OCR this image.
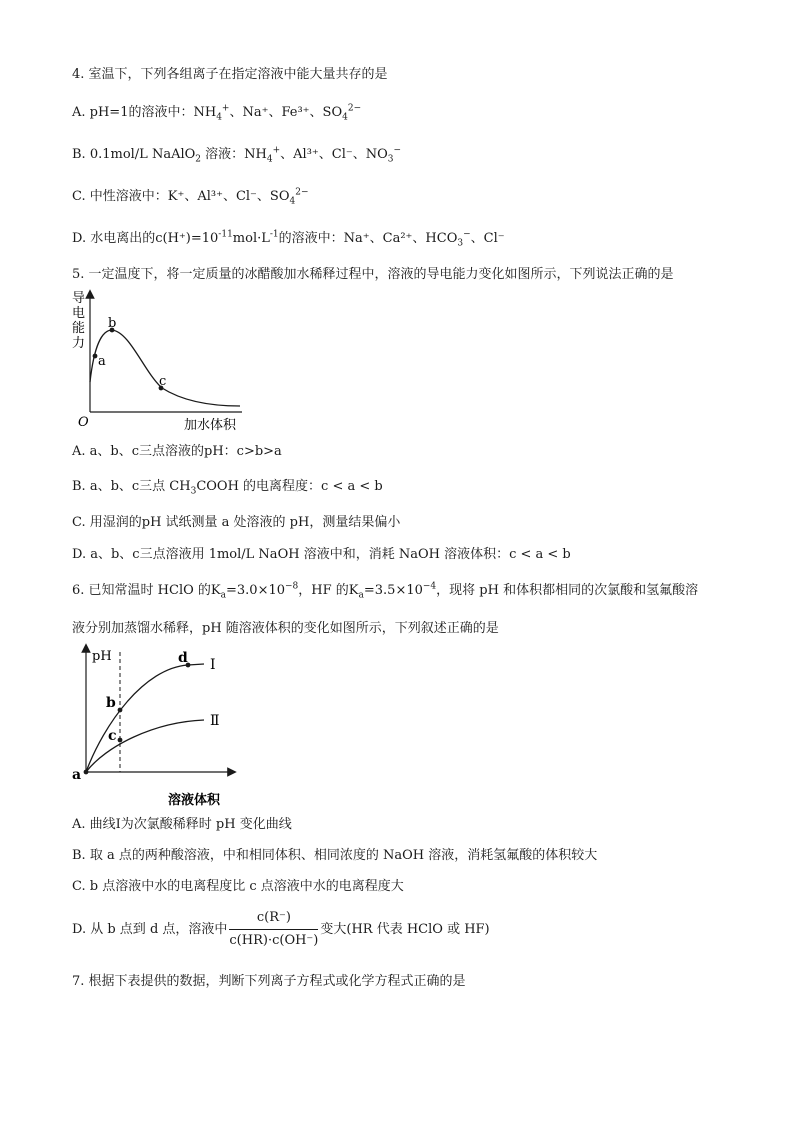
4. 室温下，下列各组离子在指定溶液中能大量共存的是
A. pH=1的溶液中：$NH_4^+$、Na⁺、Fe³⁺、$SO_4^{2-}$
B. 0.1mol/L NaAlO$_2$ 溶液：$NH_4^+$、Al³⁺、Cl⁻、$NO_3^-$
C. 中性溶液中：K⁺、Al³⁺、Cl⁻、$SO_4^{2-}$
D. 水电离出的$c(H^+)=10^{-11}mol\cdot L^{-1}$的溶液中：Na⁺、Ca²⁺、$HCO_3^-$、Cl⁻
5. 一定温度下，将一定质量的冰醋酸加水稀释过程中，溶液的导电能力变化如图所示，下列说法正确的是
导
电
能
力
O	加水体积
a
b
c
A. a、b、c三点溶液的pH：c>b>a
B. a、b、c三点 $CH_3COOH$ 的电离程度：c < a < b
C. 用湿润的pH 试纸测量 a 处溶液的 pH，测量结果偏小
D. a、b、c三点溶液用 1mol/L NaOH 溶液中和，消耗 NaOH 溶液体积：c < a < b
6. 已知常温时 HClO 的$K_a=3.0\times 10^{-8}$，HF 的$K_a=3.5\times 10^{-4}$，现将 pH 和体积都相同的次氯酸和氢氟酸溶
液分别加蒸馏水稀释，pH 随溶液体积的变化如图所示，下列叙述正确的是
pH
溶液体积
a
b
c
d Ⅰ
Ⅱ
A. 曲线Ⅰ为次氯酸稀释时 pH 变化曲线
B. 取 a 点的两种酸溶液，中和相同体积、相同浓度的 NaOH 溶液，消耗氢氟酸的体积较大
C. b 点溶液中水的电离程度比 c 点溶液中水的电离程度大
D. 从 b 点到 d 点，溶液中 $\frac{c(R^-)}{c(HR)\cdot c(OH^-)}$ 变大(HR 代表 HClO 或 HF)
7. 根据下表提供的数据，判断下列离子方程式或化学方程式正确的是
